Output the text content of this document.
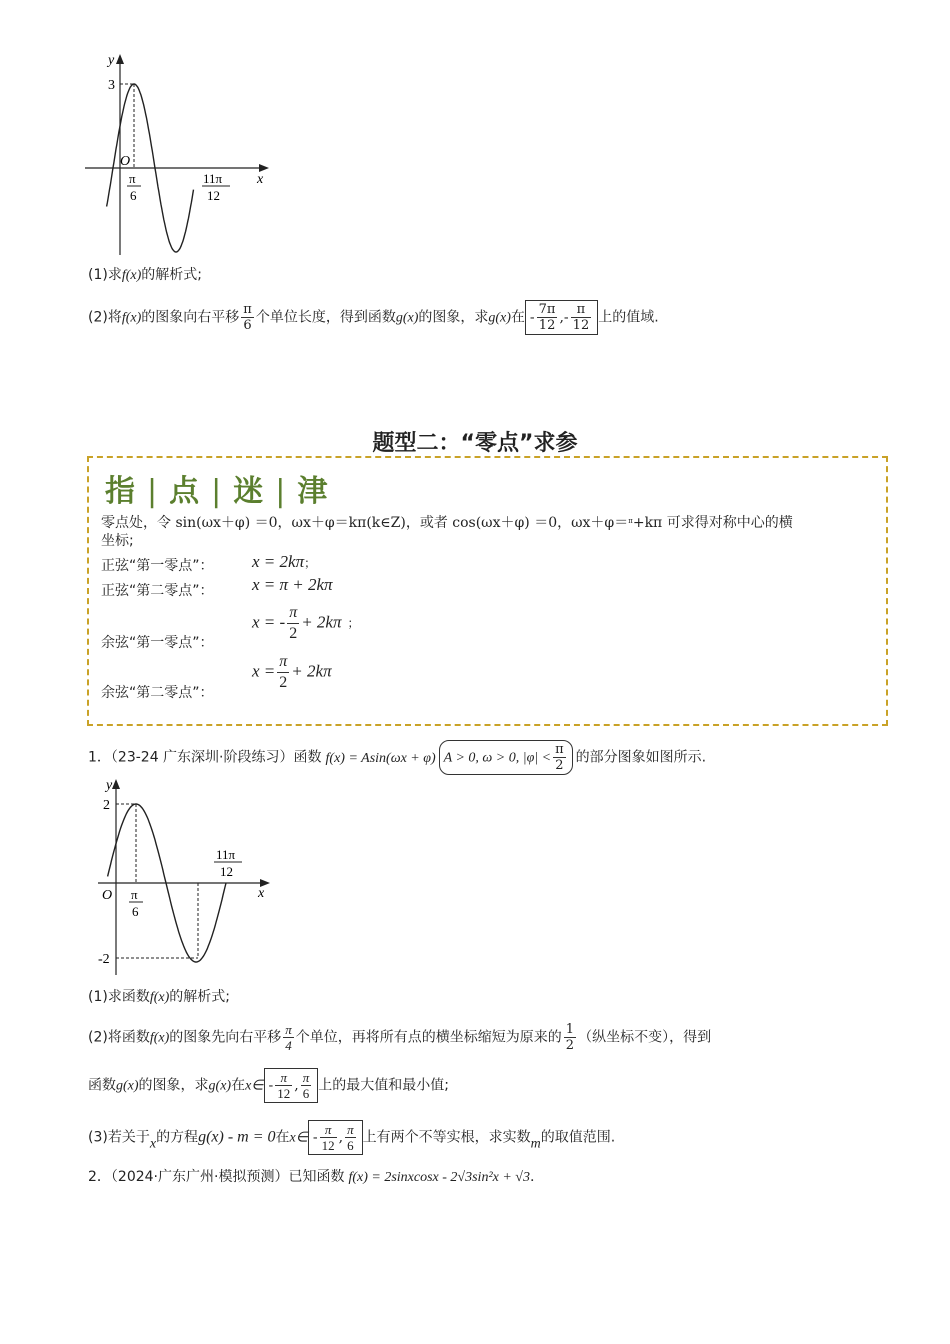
y
3
O
x
π
6
11π
12
(1)求f(x)的解析式;
(2)将f(x)的图象向右平移 $\frac{\pi}{6}$ 个单位长度，得到函数g(x)的图象，求g(x)在 - $\frac{7\pi}{12}$ ,- $\frac{\pi}{12}$ 上的值域.
题型二：“零点”求参
指 | 点 | 迷 | 津
零点处，令 sin(ωx＋φ) ＝0，ωx＋φ＝kπ(k∈Z)，或者 cos(ωx＋φ) ＝0，ωx＋φ＝$^\pi$+kπ 可求得对称中心的横
坐标;
正弦“第一零点”： x = 2kπ；
正弦“第二零点”： x = π + 2kπ
余弦“第一零点”：
x = - $\frac{\pi}{2} + 2k\pi$ ；
余弦“第二零点”：
$x = \frac{\pi}{2} + 2k\pi$
1．（23-24 广东深圳·阶段练习）函数 f(x) = Asin(ωx + φ) A > 0, ω > 0, $|\varphi| < \frac{\pi}{2}$ 的部分图象如图所示.
y
2
-2
O	x
π
6
11π
12
(1)求函数f(x)的解析式;
(2)将函数f(x)的图象先向右平移 $\frac{\pi}{4}$ 个单位，再将所有点的横坐标缩短为原来的 $\frac{1}{2}$ （纵坐标不变），得到
函数g(x)的图象，求g(x)在x∈ - $\frac{\pi}{12}$ , $\frac{\pi}{6}$ 上的最大值和最小值;
(3)若关于x的方程g(x) - m = 0在x∈ - $\frac{\pi}{12}$ , $\frac{\pi}{6}$ 上有两个不等实根，求实数m的取值范围.
2．（2024·广东广州·模拟预测）已知函数 f(x) = 2sinxcosx - 2√3sin²x + √3.
